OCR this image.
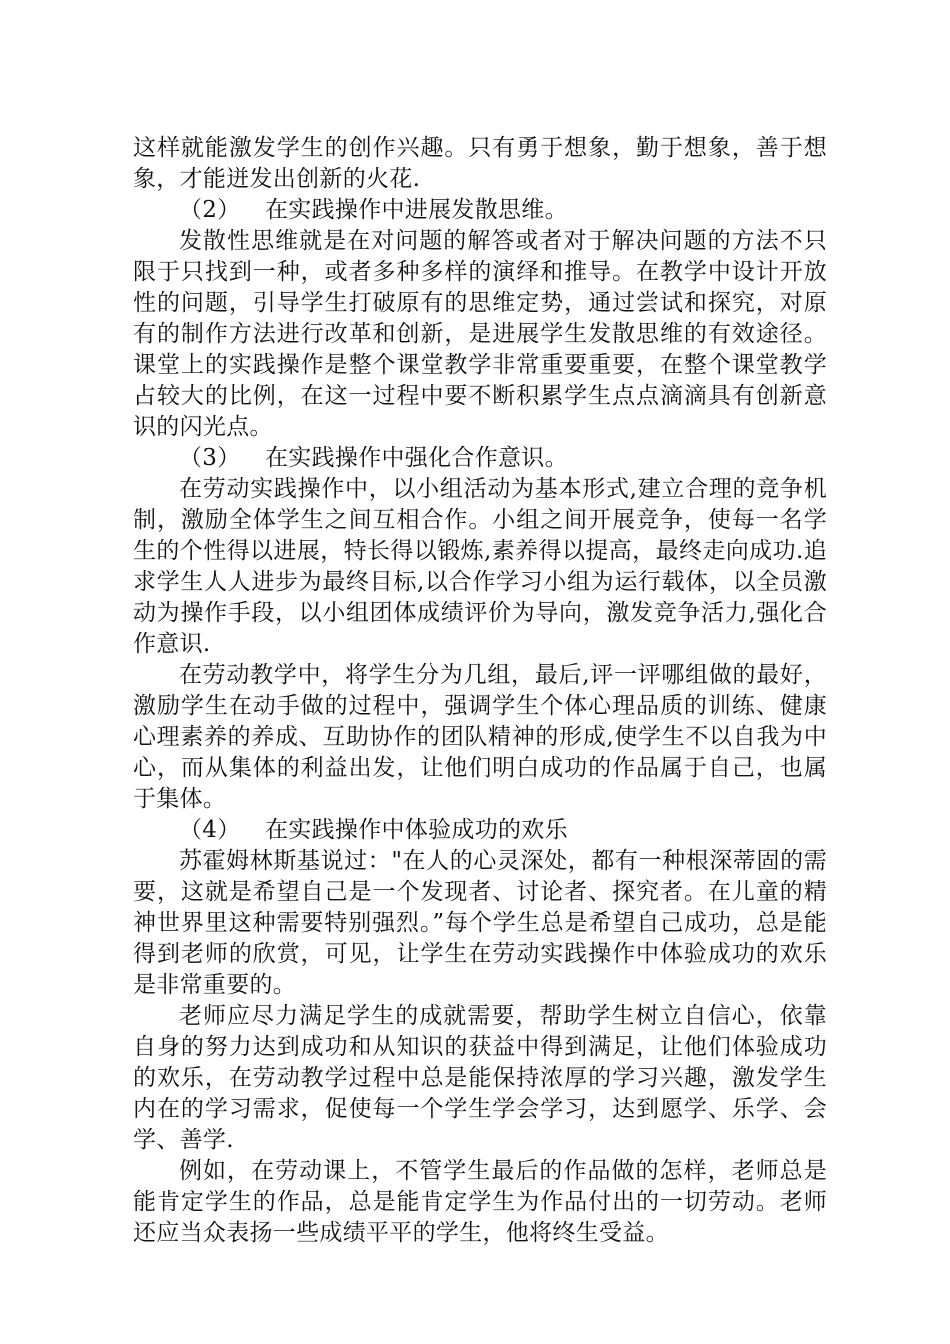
这样就能激发学生的创作兴趣。只有勇于想象，勤于想象，善于想象，才能迸发出创新的火花.

（2） 在实践操作中进展发散思维。

发散性思维就是在对问题的解答或者对于解决问题的方法不只限于只找到一种，或者多种多样的演绎和推导。在教学中设计开放性的问题，引导学生打破原有的思维定势，通过尝试和探究，对原有的制作方法进行改革和创新，是进展学生发散思维的有效途径。课堂上的实践操作是整个课堂教学非常重要重要，在整个课堂教学占较大的比例，在这一过程中要不断积累学生点点滴滴具有创新意识的闪光点。

（3） 在实践操作中强化合作意识。

在劳动实践操作中，以小组活动为基本形式,建立合理的竞争机制，激励全体学生之间互相合作。小组之间开展竞争，使每一名学生的个性得以进展，特长得以锻炼,素养得以提高，最终走向成功.追求学生人人进步为最终目标,以合作学习小组为运行载体，以全员激动为操作手段，以小组团体成绩评价为导向，激发竞争活力,强化合作意识.

在劳动教学中，将学生分为几组，最后,评一评哪组做的最好，激励学生在动手做的过程中，强调学生个体心理品质的训练、健康心理素养的养成、互助协作的团队精神的形成,使学生不以自我为中心，而从集体的利益出发，让他们明白成功的作品属于自己，也属于集体。

（4） 在实践操作中体验成功的欢乐

苏霍姆林斯基说过："在人的心灵深处，都有一种根深蒂固的需要，这就是希望自己是一个发现者、讨论者、探究者。在儿童的精神世界里这种需要特别强烈。”每个学生总是希望自己成功，总是能得到老师的欣赏，可见，让学生在劳动实践操作中体验成功的欢乐是非常重要的。

老师应尽力满足学生的成就需要，帮助学生树立自信心，依靠自身的努力达到成功和从知识的获益中得到满足，让他们体验成功的欢乐，在劳动教学过程中总是能保持浓厚的学习兴趣，激发学生内在的学习需求，促使每一个学生学会学习，达到愿学、乐学、会学、善学.

例如，在劳动课上，不管学生最后的作品做的怎样，老师总是能肯定学生的作品，总是能肯定学生为作品付出的一切劳动。老师还应当众表扬一些成绩平平的学生，他将终生受益。
